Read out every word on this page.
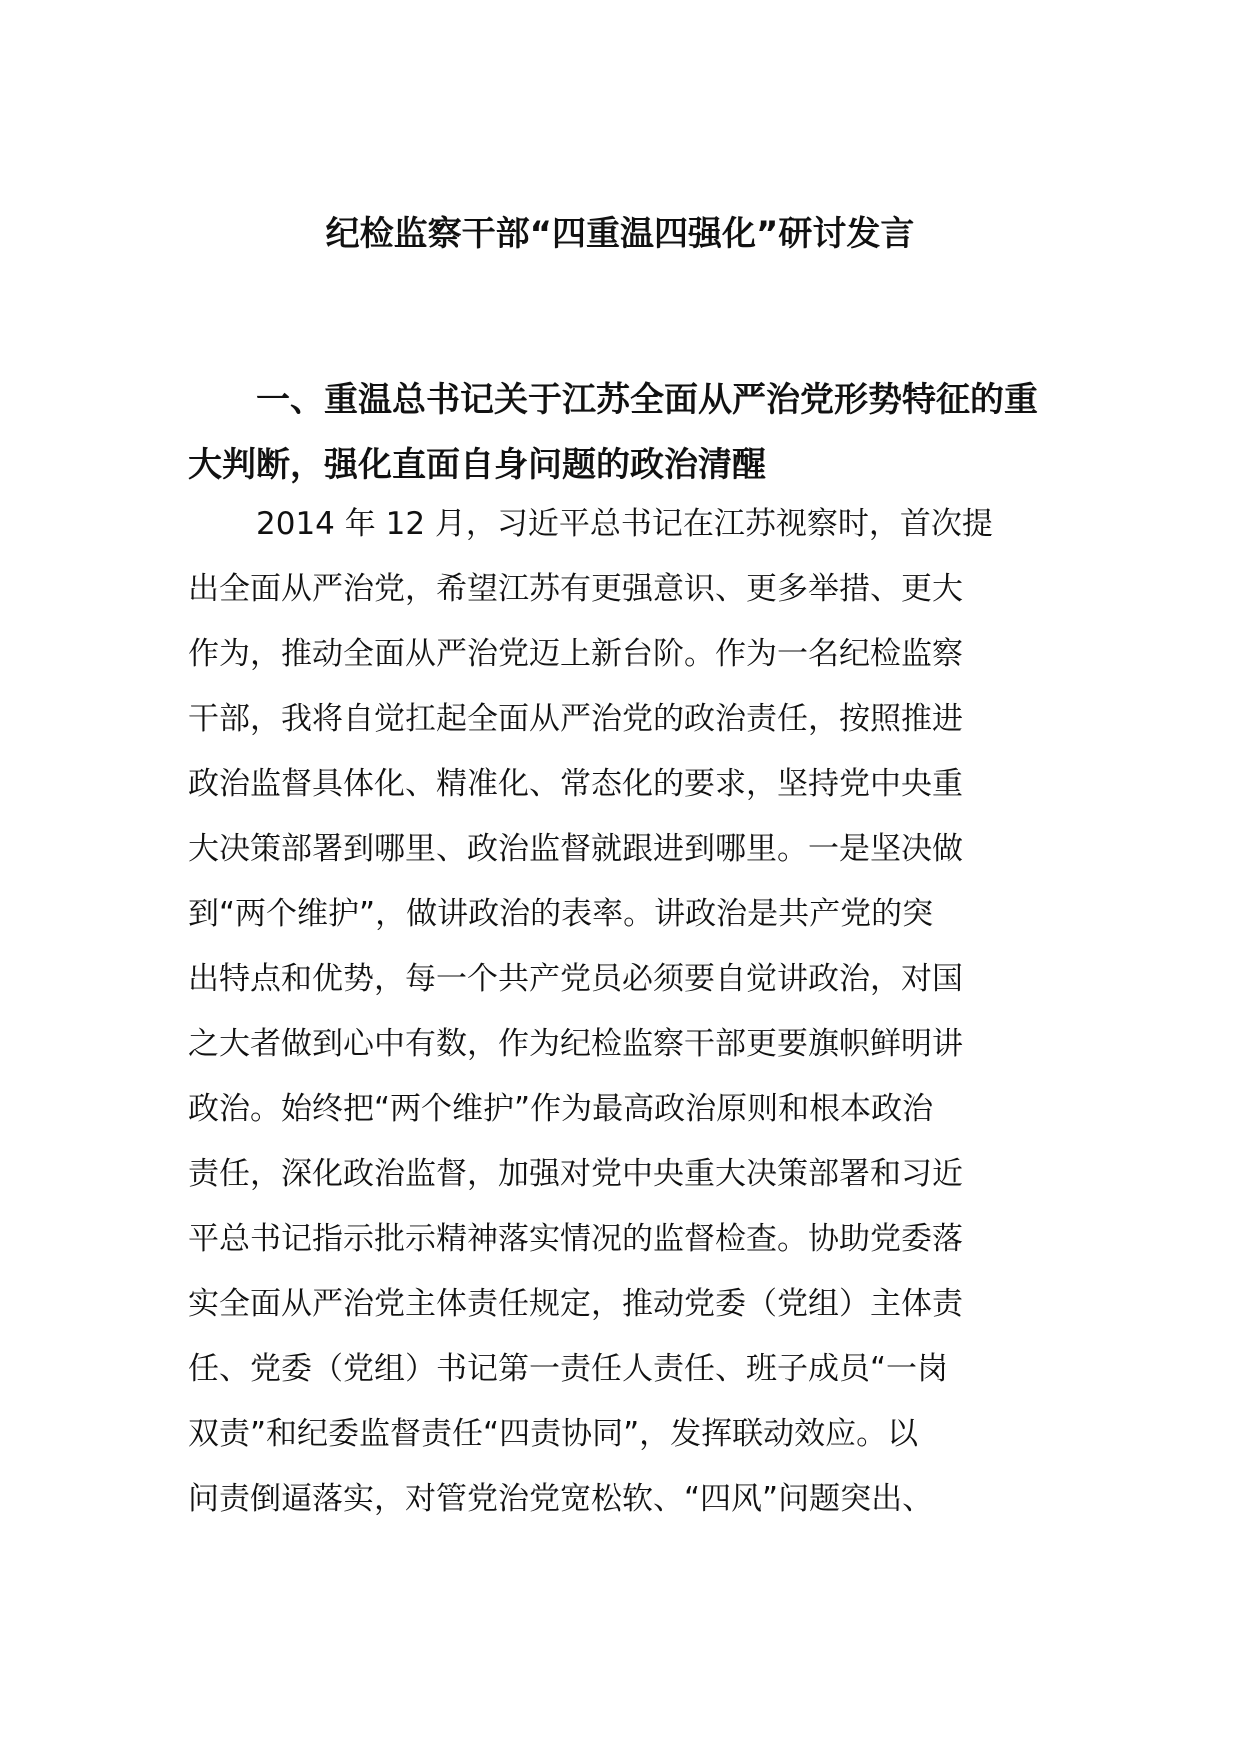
纪检监察干部“四重温四强化”研讨发言
一、重温总书记关于江苏全面从严治党形势特征的重
大判断，强化直面自身问题的政治清醒
2014 年 12 月，习近平总书记在江苏视察时，首次提
出全面从严治党，希望江苏有更强意识、更多举措、更大
作为，推动全面从严治党迈上新台阶。作为一名纪检监察
干部，我将自觉扛起全面从严治党的政治责任，按照推进
政治监督具体化、精准化、常态化的要求，坚持党中央重
大决策部署到哪里、政治监督就跟进到哪里。一是坚决做
到“两个维护”，做讲政治的表率。讲政治是共产党的突
出特点和优势，每一个共产党员必须要自觉讲政治，对国
之大者做到心中有数，作为纪检监察干部更要旗帜鲜明讲
政治。始终把“两个维护”作为最高政治原则和根本政治
责任，深化政治监督，加强对党中央重大决策部署和习近
平总书记指示批示精神落实情况的监督检查。协助党委落
实全面从严治党主体责任规定，推动党委（党组）主体责
任、党委（党组）书记第一责任人责任、班子成员“一岗
双责”和纪委监督责任“四责协同”，发挥联动效应。以
问责倒逼落实，对管党治党宽松软、“四风”问题突出、
